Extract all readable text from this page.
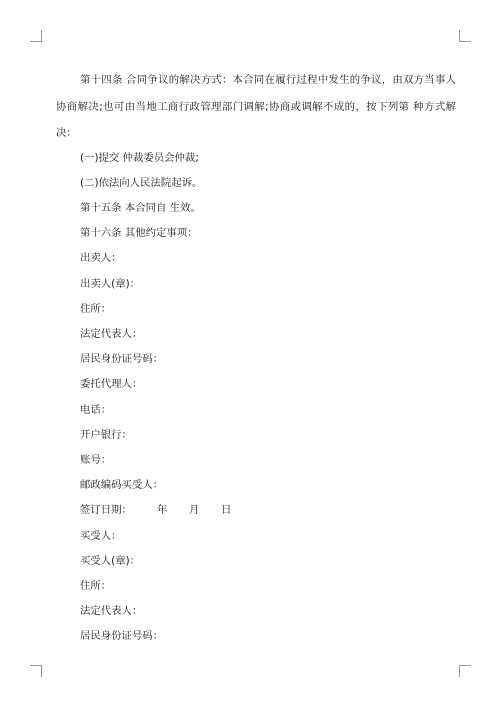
第十四条 合同争议的解决方式：本合同在履行过程中发生的争议，由双方当事人协商解决;也可由当地工商行政管理部门调解;协商或调解不成的，按下列第 种方式解决：

(一)提交 仲裁委员会仲裁;

(二)依法向人民法院起诉。

第十五条 本合同自 生效。

第十六条 其他约定事项：

出卖人：

出卖人(章)：

住所：

法定代表人：

居民身份证号码：

委托代理人：

电话：

开户银行：

账号：

邮政编码买受人：

签订日期：	年	月	日

买受人：

买受人(章)：

住所：

法定代表人：

居民身份证号码：
